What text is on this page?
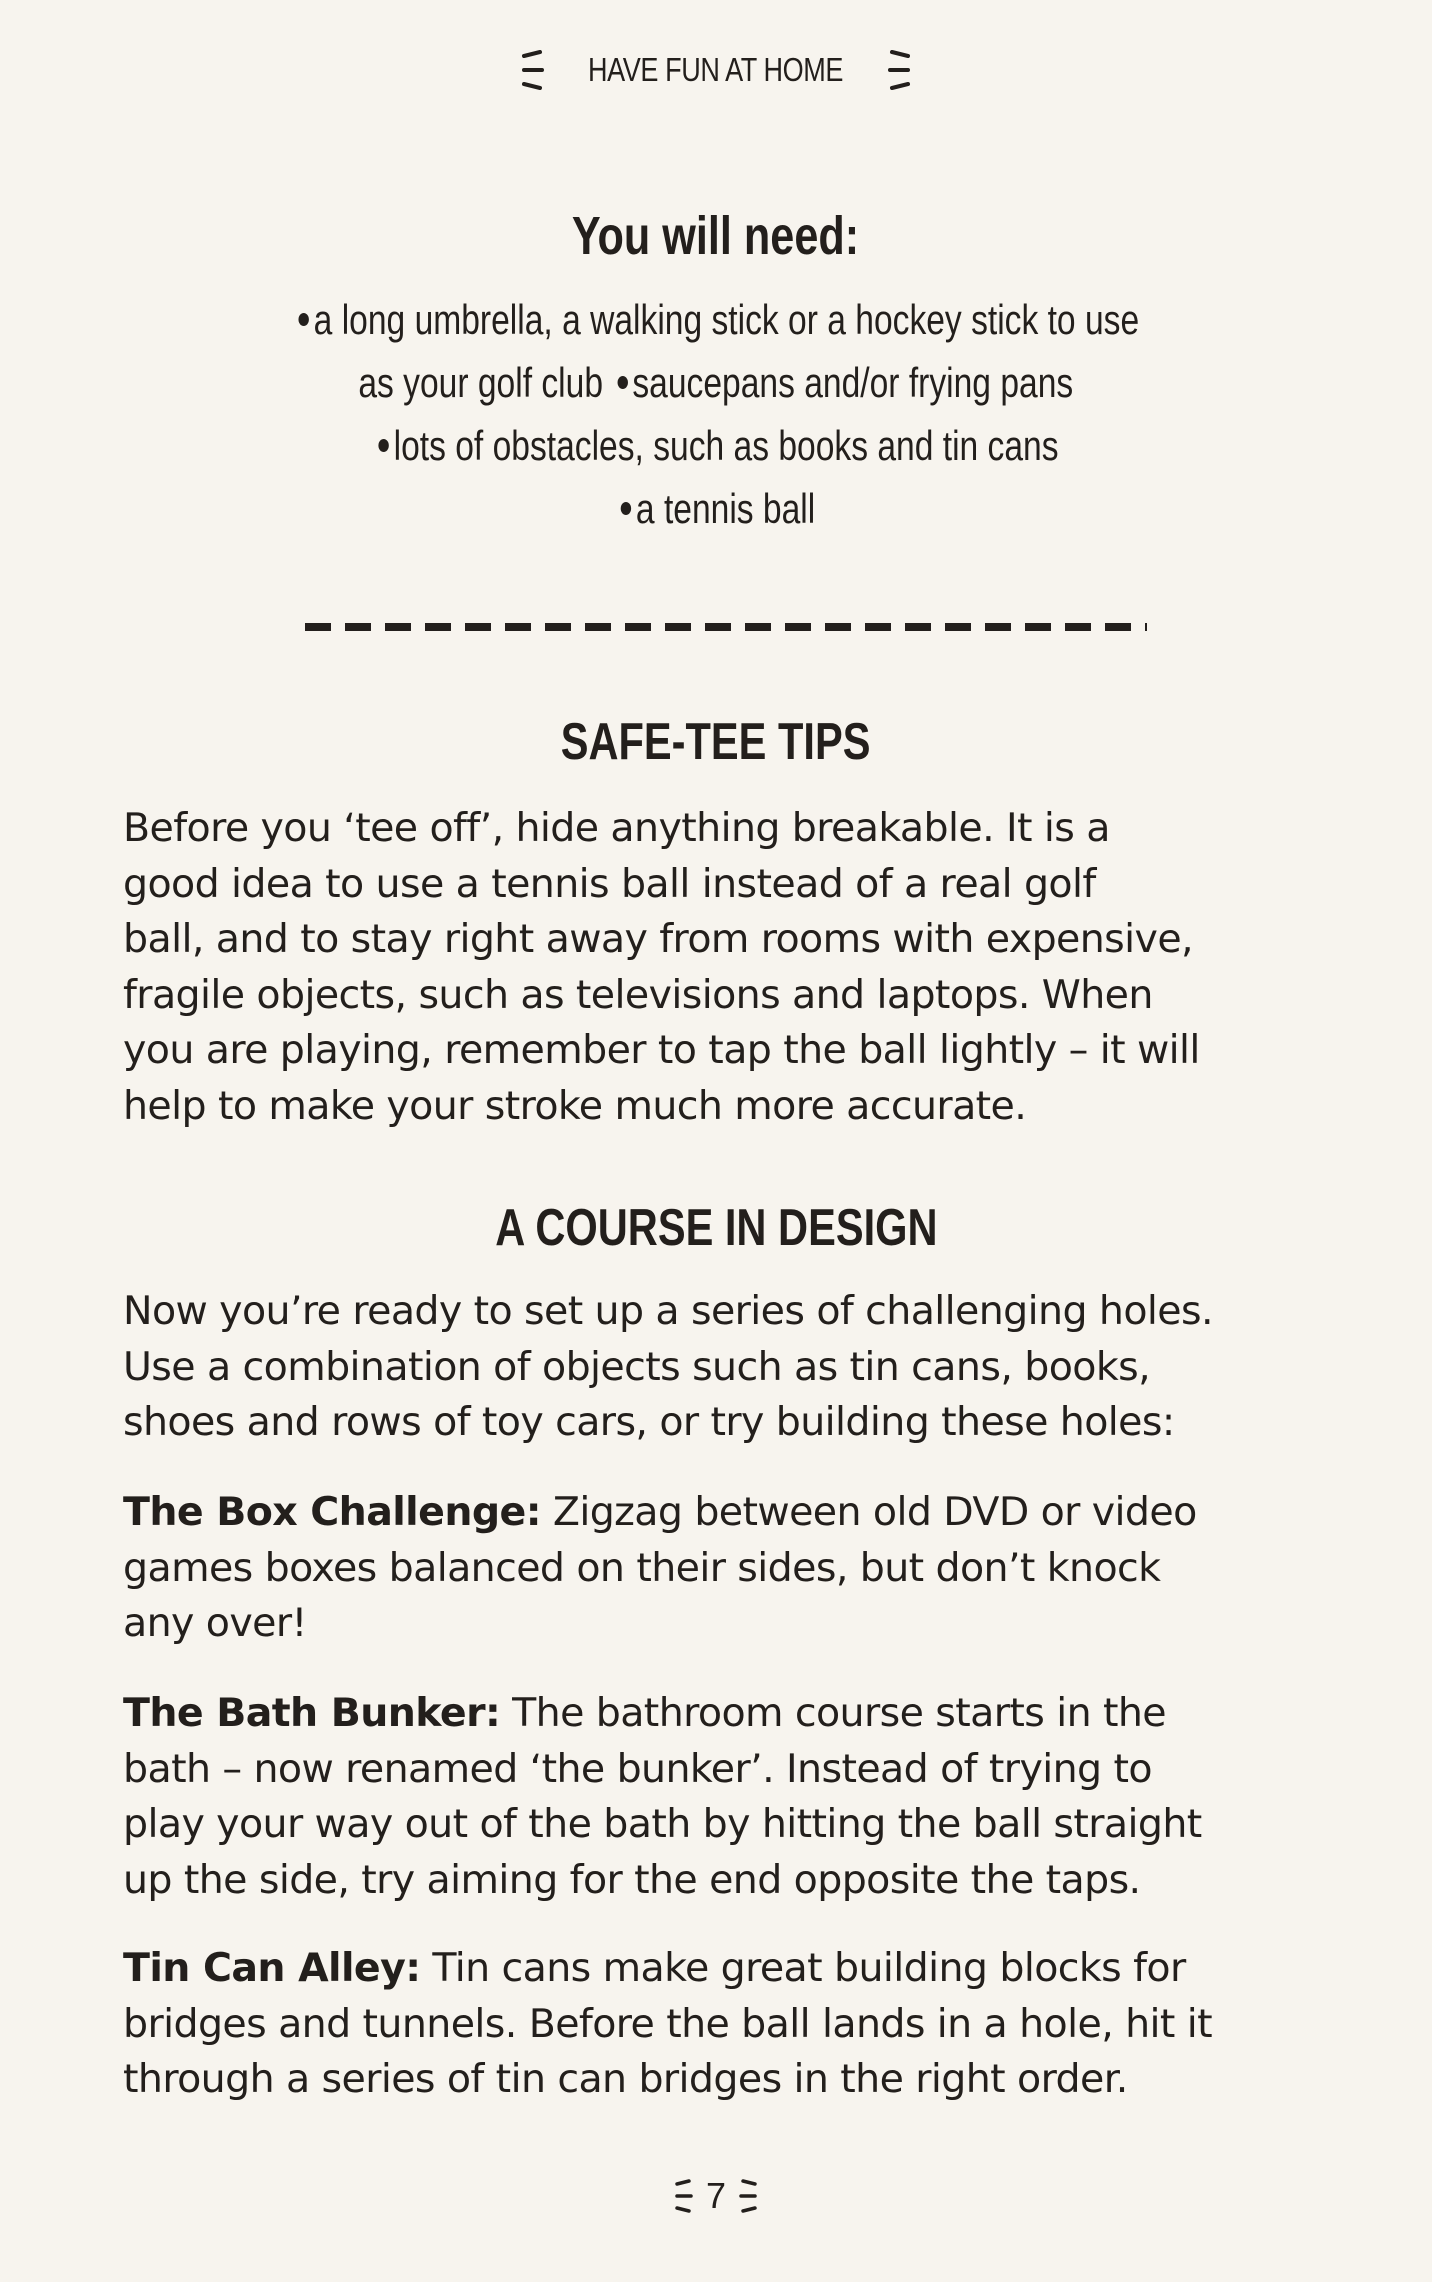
HAVE FUN AT HOME
You will need:
a long umbrella, a walking stick or a hockey stick to use
as your golf club saucepans and/or frying pans
lots of obstacles, such as books and tin cans
a tennis ball
SAFE-TEE TIPS
Before you ‘tee off’, hide anything breakable. It is a
good idea to use a tennis ball instead of a real golf
ball, and to stay right away from rooms with expensive,
fragile objects, such as televisions and laptops. When
you are playing, remember to tap the ball lightly – it will
help to make your stroke much more accurate.
A COURSE IN DESIGN
Now you’re ready to set up a series of challenging holes.
Use a combination of objects such as tin cans, books,
shoes and rows of toy cars, or try building these holes:
The Box Challenge: Zigzag between old DVD or video
games boxes balanced on their sides, but don’t knock
any over!
The Bath Bunker: The bathroom course starts in the
bath – now renamed ‘the bunker’. Instead of trying to
play your way out of the bath by hitting the ball straight
up the side, try aiming for the end opposite the taps.
Tin Can Alley: Tin cans make great building blocks for
bridges and tunnels. Before the ball lands in a hole, hit it
through a series of tin can bridges in the right order.
7
